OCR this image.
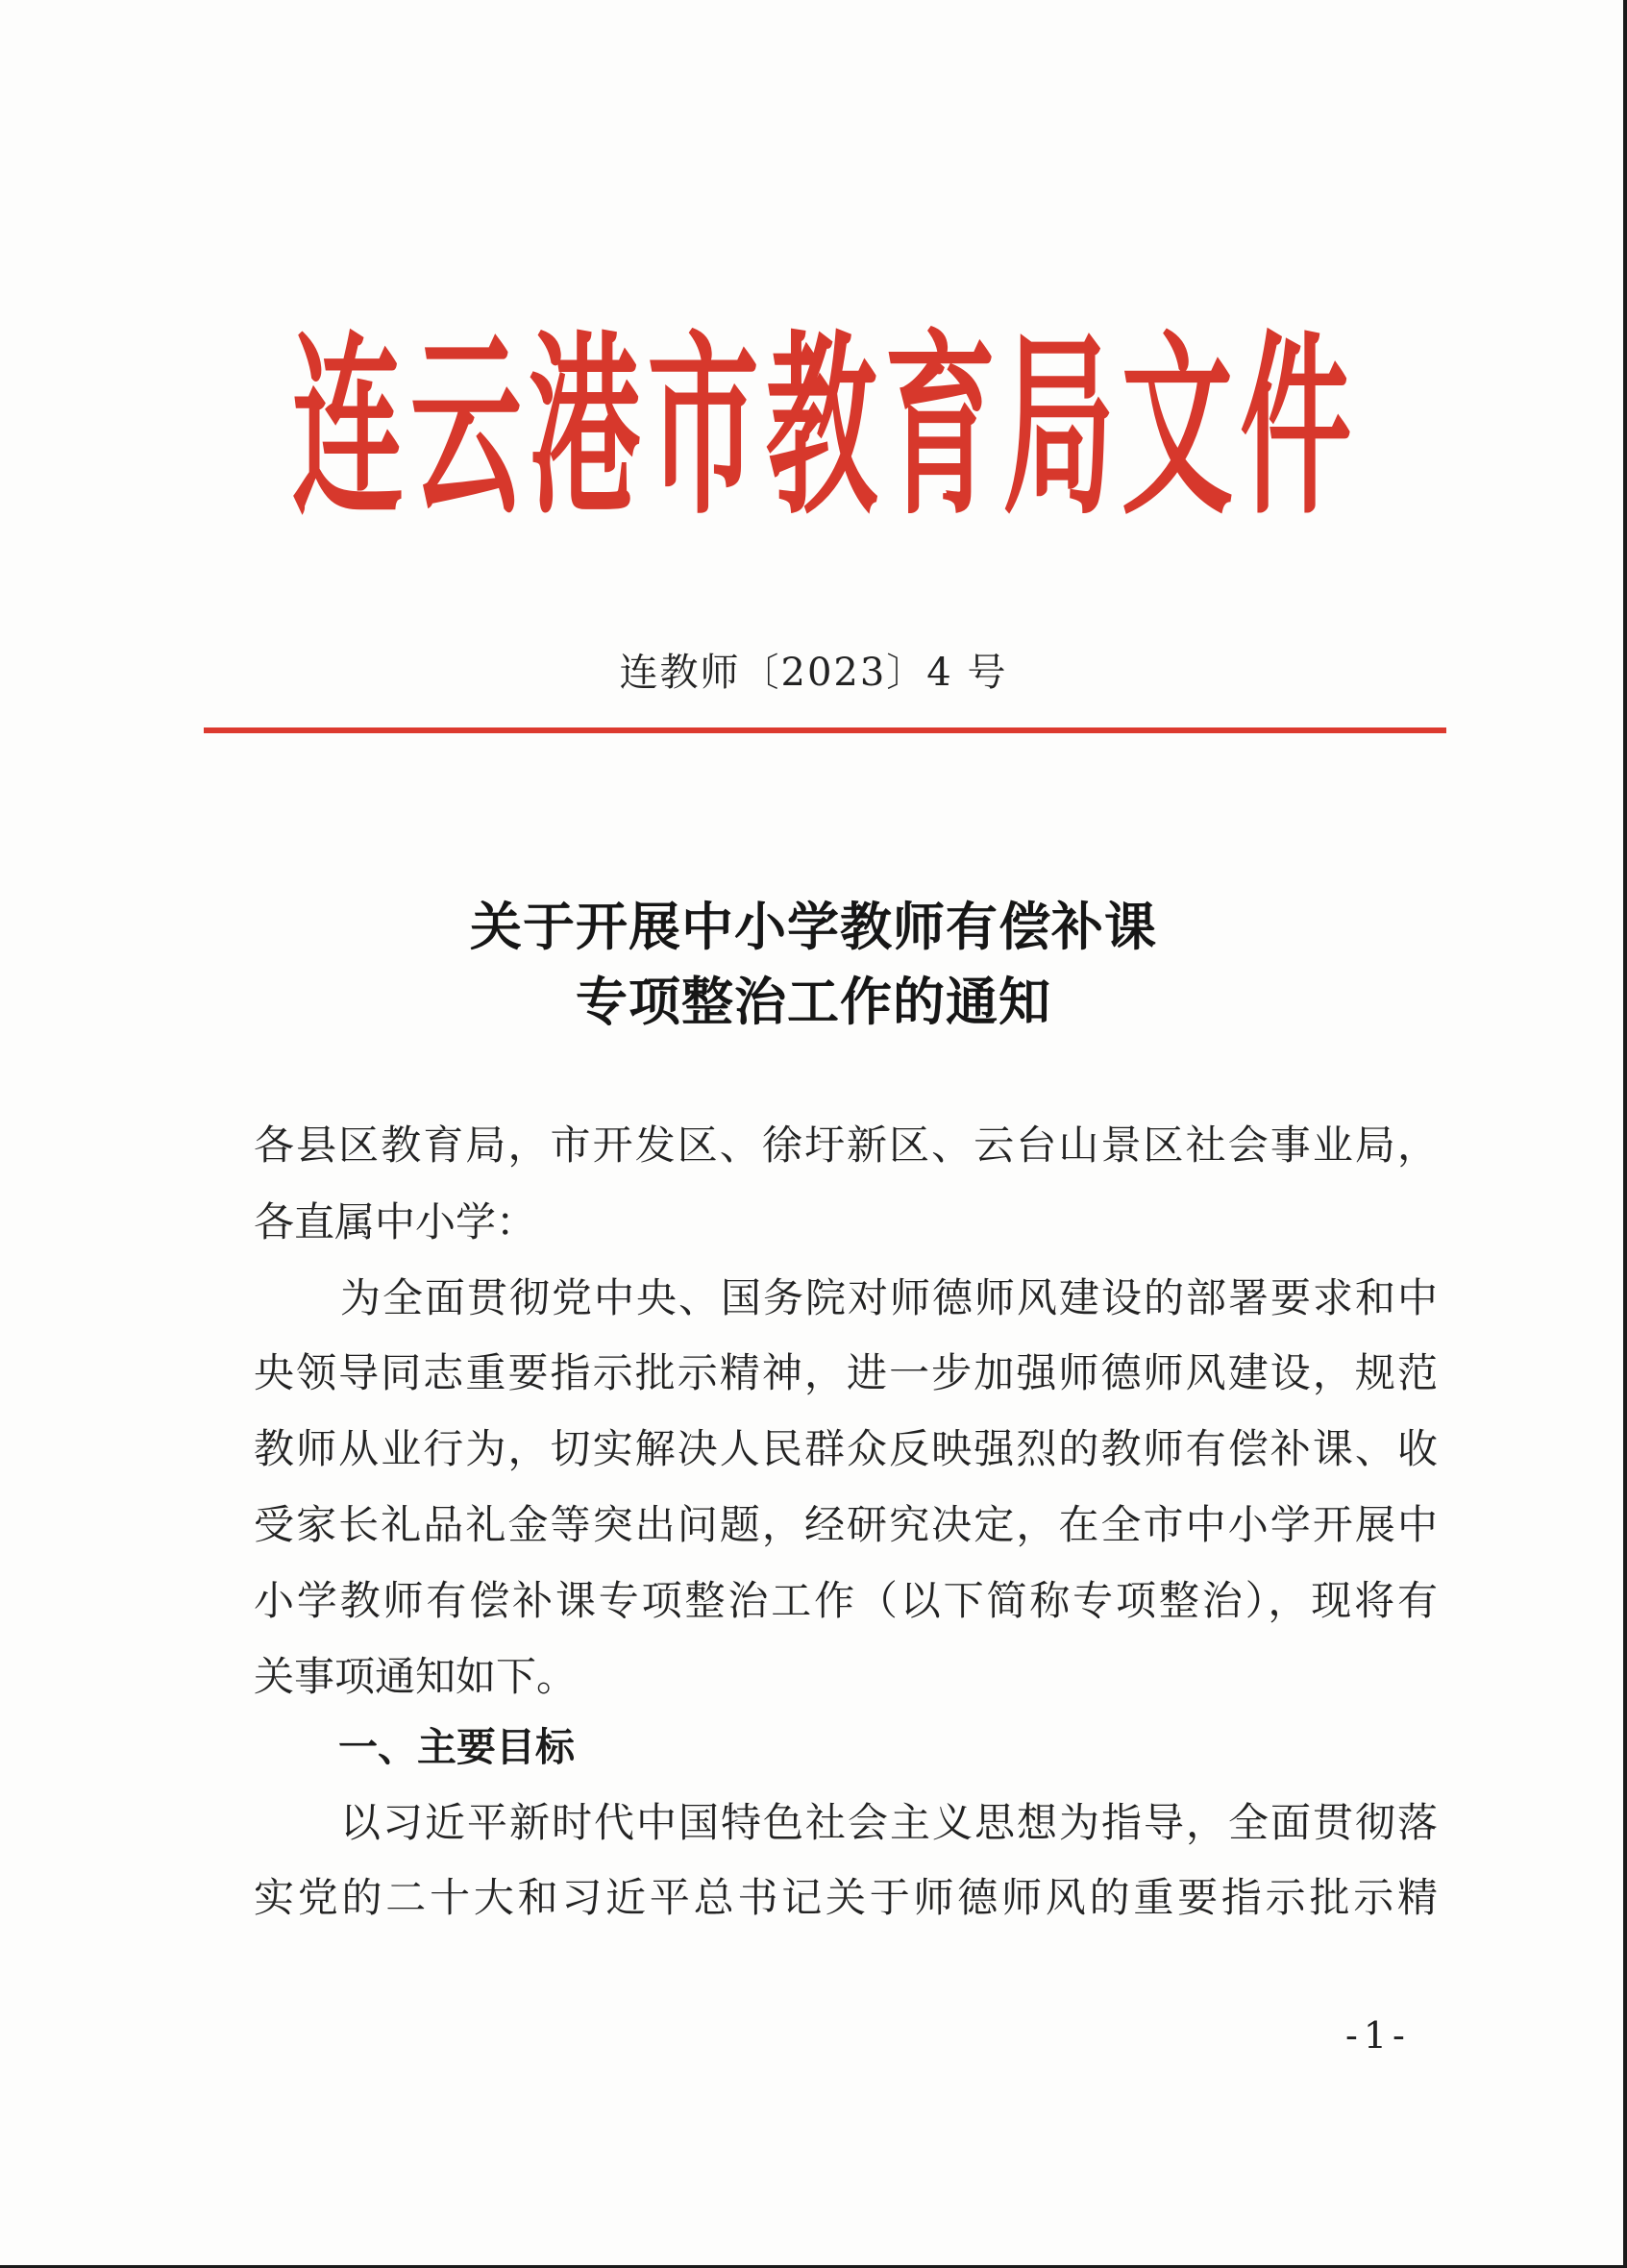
连 云 港 市 教 育 局 文 件
连教师〔2023〕4 号
关于开展中小学教师有偿补课
专项整治工作的通知
各县区教育局，市开发区、徐圩新区、云台山景区社会事业局，
各直属中小学：
为全面贯彻党中央、国务院对师德师风建设的部署要求和中
央领导同志重要指示批示精神，进一步加强师德师风建设，规范
教师从业行为，切实解决人民群众反映强烈的教师有偿补课、收
受家长礼品礼金等突出问题，经研究决定，在全市中小学开展中
小学教师有偿补课专项整治工作（以下简称专项整治），现将有
关事项通知如下。
一、主要目标
以习近平新时代中国特色社会主义思想为指导，全面贯彻落
实党的二十大和习近平总书记关于师德师风的重要指示批示精
-1-
